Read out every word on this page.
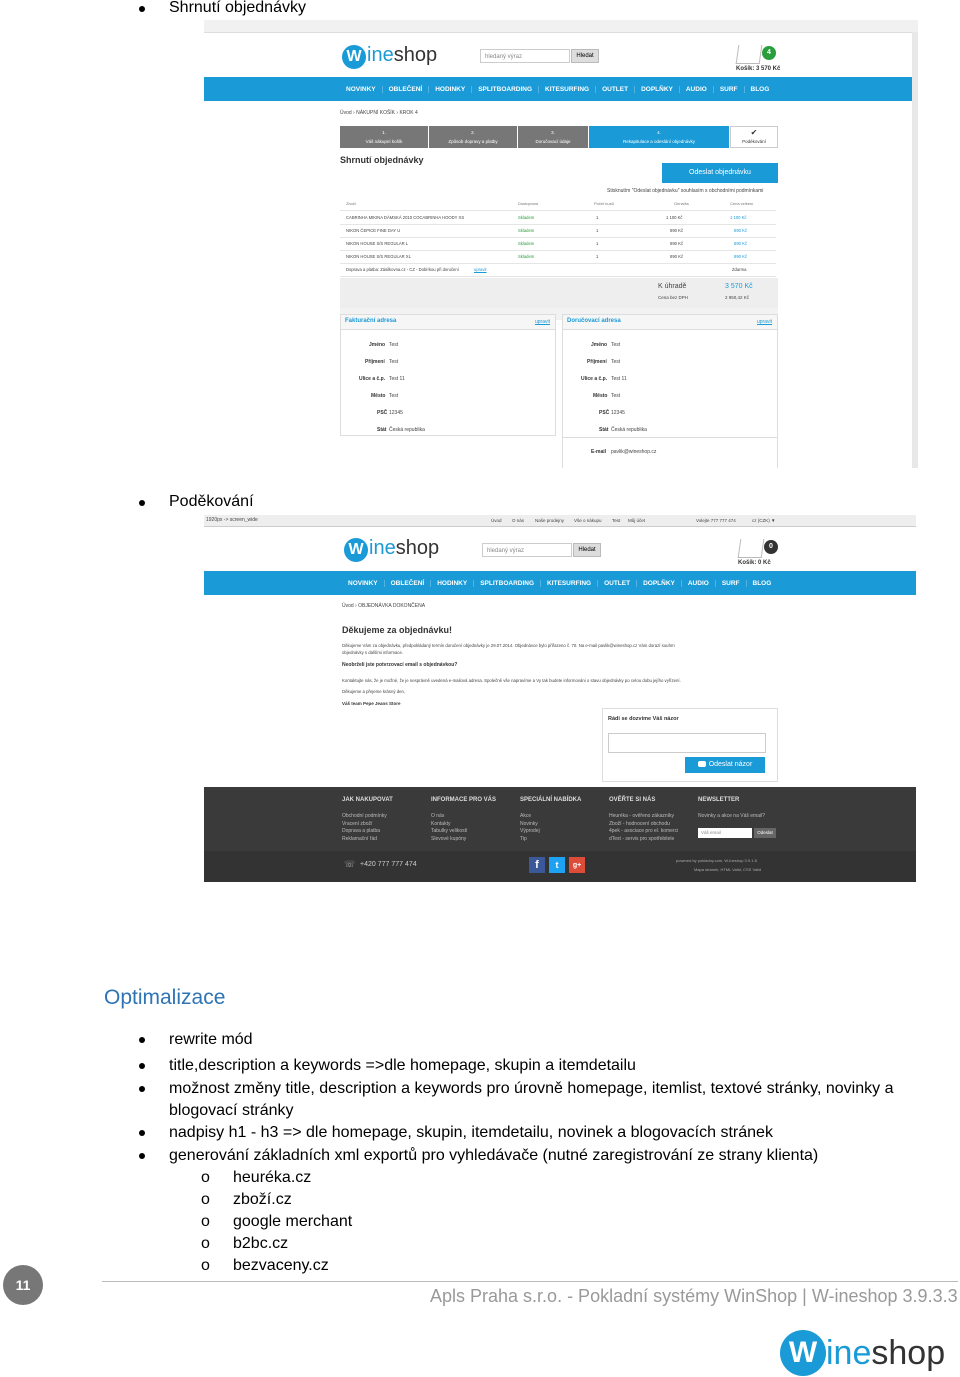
Shrnutí objednávky
W ineshop	hledaný výraz	Hledat	4
Košík: 3 570 Kč
NOVINKY	OBLEČENÍ	HODINKY	SPLITBOARDING	KITESURFING	OUTLET	DOPLŇKY	AUDIO	SURF	BLOG
Úvod › NÁKUPNÍ KOŠÍK › KROK 4
1.
Váš nákupní košík
2.
Způsob dopravy a platby
3.
Doručovací údaje
4.
Rekapitulace a odeslání objednávky
✔
Podékování
Shrnutí objednávky
Odeslat objednávku
Stisknutím "Odeslat objednávku" souhlasím s obchodními podmínkami
Zboží	Dostupnost	Počet kusů	Gena/ks	Cena celkem
CABRINHA MIKINA DÁMSKÁ 2010 COCABRINHA HOODY XS	Skladem	1	1 100 Kč	1 100 Kč
NIKON ČEPICE FINE DAY U	Skladem	1	890 Kč	890 Kč
NIKON HOUSE S/S REGULAR L	Skladem	1	890 Kč	890 Kč
NIKON HOUSE S/S REGULAR XL	Skladem	1	890 Kč	890 Kč
Doprava a platba: Zásilkovna.cz - CZ - Dobírkou při doručení	upravit	Zdarma
K úhradě	3 570 Kč
Cena bez DPH	2 950,42 Kč
Fakturační adresa	upravit
Jméno Test
Příjmení Test
Ulice a č.p. Test 11
Město Test
PSČ 12345
Stát Česká republika
Doručovací adresa	upravit
Jméno Test
Příjmení Test
Ulice a č.p. Test 11
Město Test
PSČ 12345
Stát Česká republika
E-mail pavlik@wineshop.cz
Poděkování
1920px -> screen_wide	Úvod O nás Naše prodejny Vše o nákupu Test Můj účet	Volejte 777 777 474	cz (CZK) ▼
W ineshop	hledaný výraz	Hledat	0
Košík: 0 Kč
NOVINKY	OBLEČENÍ	HODINKY	SPLITBOARDING	KITESURFING	OUTLET	DOPLŇKY	AUDIO	SURF	BLOG
Úvod › OBJEDNÁVKA DOKONČENA
Děkujeme za objednávku!
Děkujeme Vám za objednávku, předpokládaný termín doručení objednávky je 29.07.2014. Objednávce bylo přiřazeno č. 70. Na e-mail pavlik@wineshop.cz Vám dorazí souhrn
objednávky s dalšími informace.
Neobrželi jste potvrzovací email s objednávkou?
Kontaktujte nás, že je možné, že je nesprávně uvedená e-mailová adresa. Společně vše napravíme a Vy tak budete informováni o stavu objednávky po celou dobu jejího vyřízení.
Děkujeme a přejeme krásný den,
Váš team Pepe Jeans Store
Rádi se dozvíme Váš názor
Odeslat názor
JAK NAKUPOVAT
Obchodní podmínky
Vracení zboží
Doprava a platba
Reklamační řád
INFORMACE PRO VÁS
O nás
Kontakty
Tabulky velikostí
Slevové kupóny
SPECIÁLNÍ NABÍDKA
Akce
Novinky
Výprodej
Tip
OVĚŘTE SI NÁS
Heuréka - ověřeno zákazníky
Zboží - hodnocení obchodu
4pek - asociace pro el. komerci
dTest - servis pro spotřebitele
NEWSLETTER
Novinky a akce na Váš email?
Váš email	Odeslat
☏ +420 777 777 474	f	t	g+
powered by pokladny.com, W-ineshop 3.9.1.8
Mapa stránek, HTML Valid, CSS Valid
Optimalizace
rewrite mód
title,description a keywords =>dle homepage, skupin a itemdetailu
možnost změny title, description a keywords pro úrovně homepage, itemlist, textové stránky, novinky a
blogovací stránky
nadpisy h1 - h3 => dle homepage, skupin, itemdetailu, novinek a blogovacích stránek
generování základních xml exportů pro vyhledávače (nutné zaregistrování ze strany klienta)
o heuréka.cz
o zboží.cz
o google merchant
o b2bc.cz
o bezvaceny.cz
11
Apls Praha s.r.o. - Pokladní systémy WinShop | W-ineshop 3.9.3.3
W ineshop
